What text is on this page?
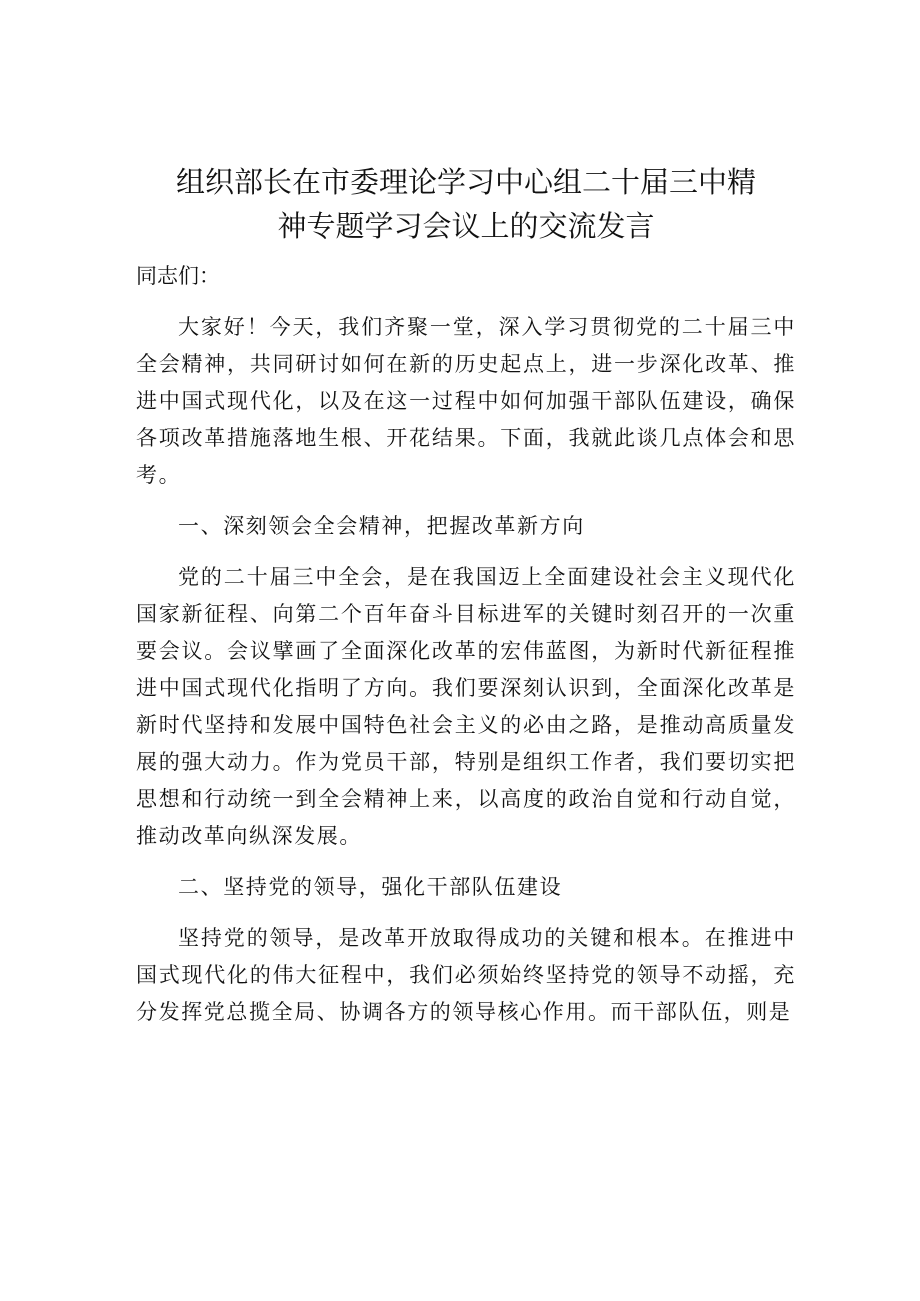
组织部长在市委理论学习中心组二十届三中精
神专题学习会议上的交流发言
同志们：

大家好！今天，我们齐聚一堂，深入学习贯彻党的二十届三中全会精神，共同研讨如何在新的历史起点上，进一步深化改革、推进中国式现代化，以及在这一过程中如何加强干部队伍建设，确保各项改革措施落地生根、开花结果。下面，我就此谈几点体会和思考。

一、深刻领会全会精神，把握改革新方向

党的二十届三中全会，是在我国迈上全面建设社会主义现代化国家新征程、向第二个百年奋斗目标进军的关键时刻召开的一次重要会议。会议擘画了全面深化改革的宏伟蓝图，为新时代新征程推进中国式现代化指明了方向。我们要深刻认识到，全面深化改革是新时代坚持和发展中国特色社会主义的必由之路，是推动高质量发展的强大动力。作为党员干部，特别是组织工作者，我们要切实把思想和行动统一到全会精神上来，以高度的政治自觉和行动自觉，推动改革向纵深发展。

二、坚持党的领导，强化干部队伍建设

坚持党的领导，是改革开放取得成功的关键和根本。在推进中国式现代化的伟大征程中，我们必须始终坚持党的领导不动摇，充分发挥党总揽全局、协调各方的领导核心作用。而干部队伍，则是
